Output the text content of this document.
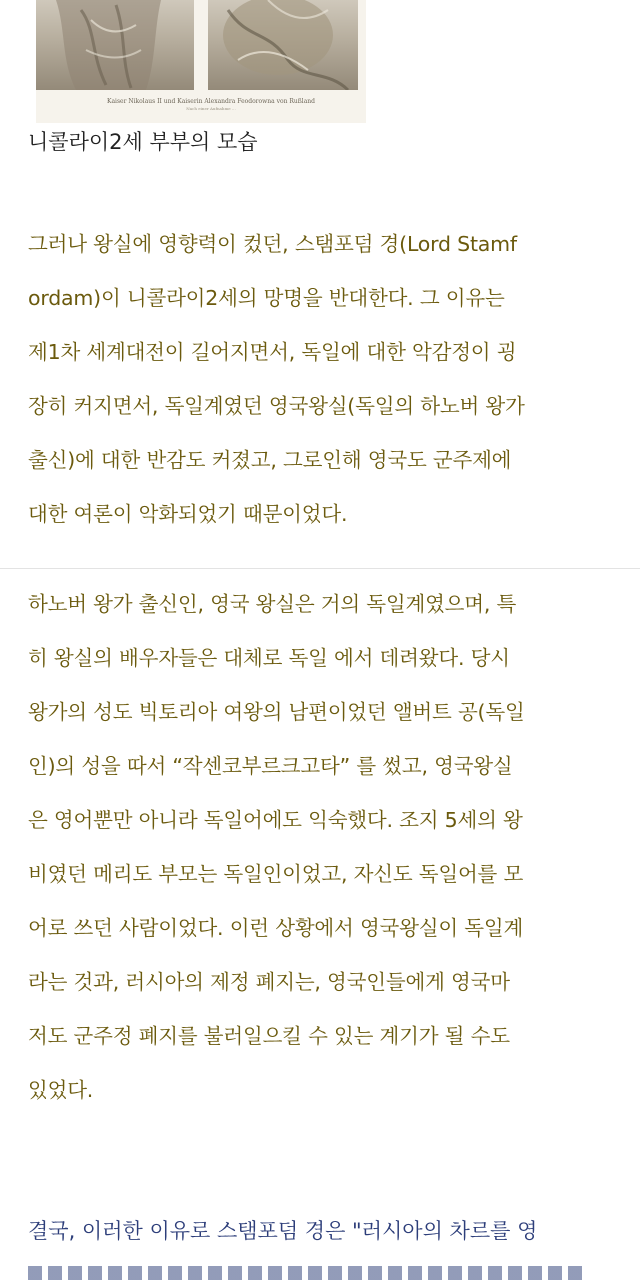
Kaiser Nikolaus II und Kaiserin Alexandra Feodorowna von Rußland
Nach einer Aufnahme ...
니콜라이2세 부부의 모습
그러나 왕실에 영향력이 컸던, 스탬포덤 경(Lord Stamf
ordam)이 니콜라이2세의 망명을 반대한다. 그 이유는
제1차 세계대전이 길어지면서, 독일에 대한 악감정이 굉
장히 커지면서, 독일계였던 영국왕실(독일의 하노버 왕가
출신)에 대한 반감도 커졌고, 그로인해 영국도 군주제에
대한 여론이 악화되었기 때문이었다.
하노버 왕가 출신인, 영국 왕실은 거의 독일계였으며, 특
히 왕실의 배우자들은 대체로 독일 에서 데려왔다. 당시
왕가의 성도 빅토리아 여왕의 남편이었던 앨버트 공(독일
인)의 성을 따서 “작센코부르크고타” 를 썼고, 영국왕실
은 영어뿐만 아니라 독일어에도 익숙했다. 조지 5세의 왕
비였던 메리도 부모는 독일인이었고, 자신도 독일어를 모
어로 쓰던 사람이었다. 이런 상황에서 영국왕실이 독일계
라는 것과, 러시아의 제정 폐지는, 영국인들에게 영국마
저도 군주정 폐지를 불러일으킬 수 있는 계기가 될 수도
있었다.
결국, 이러한 이유로 스탬포덤 경은 "러시아의 차르를 영
